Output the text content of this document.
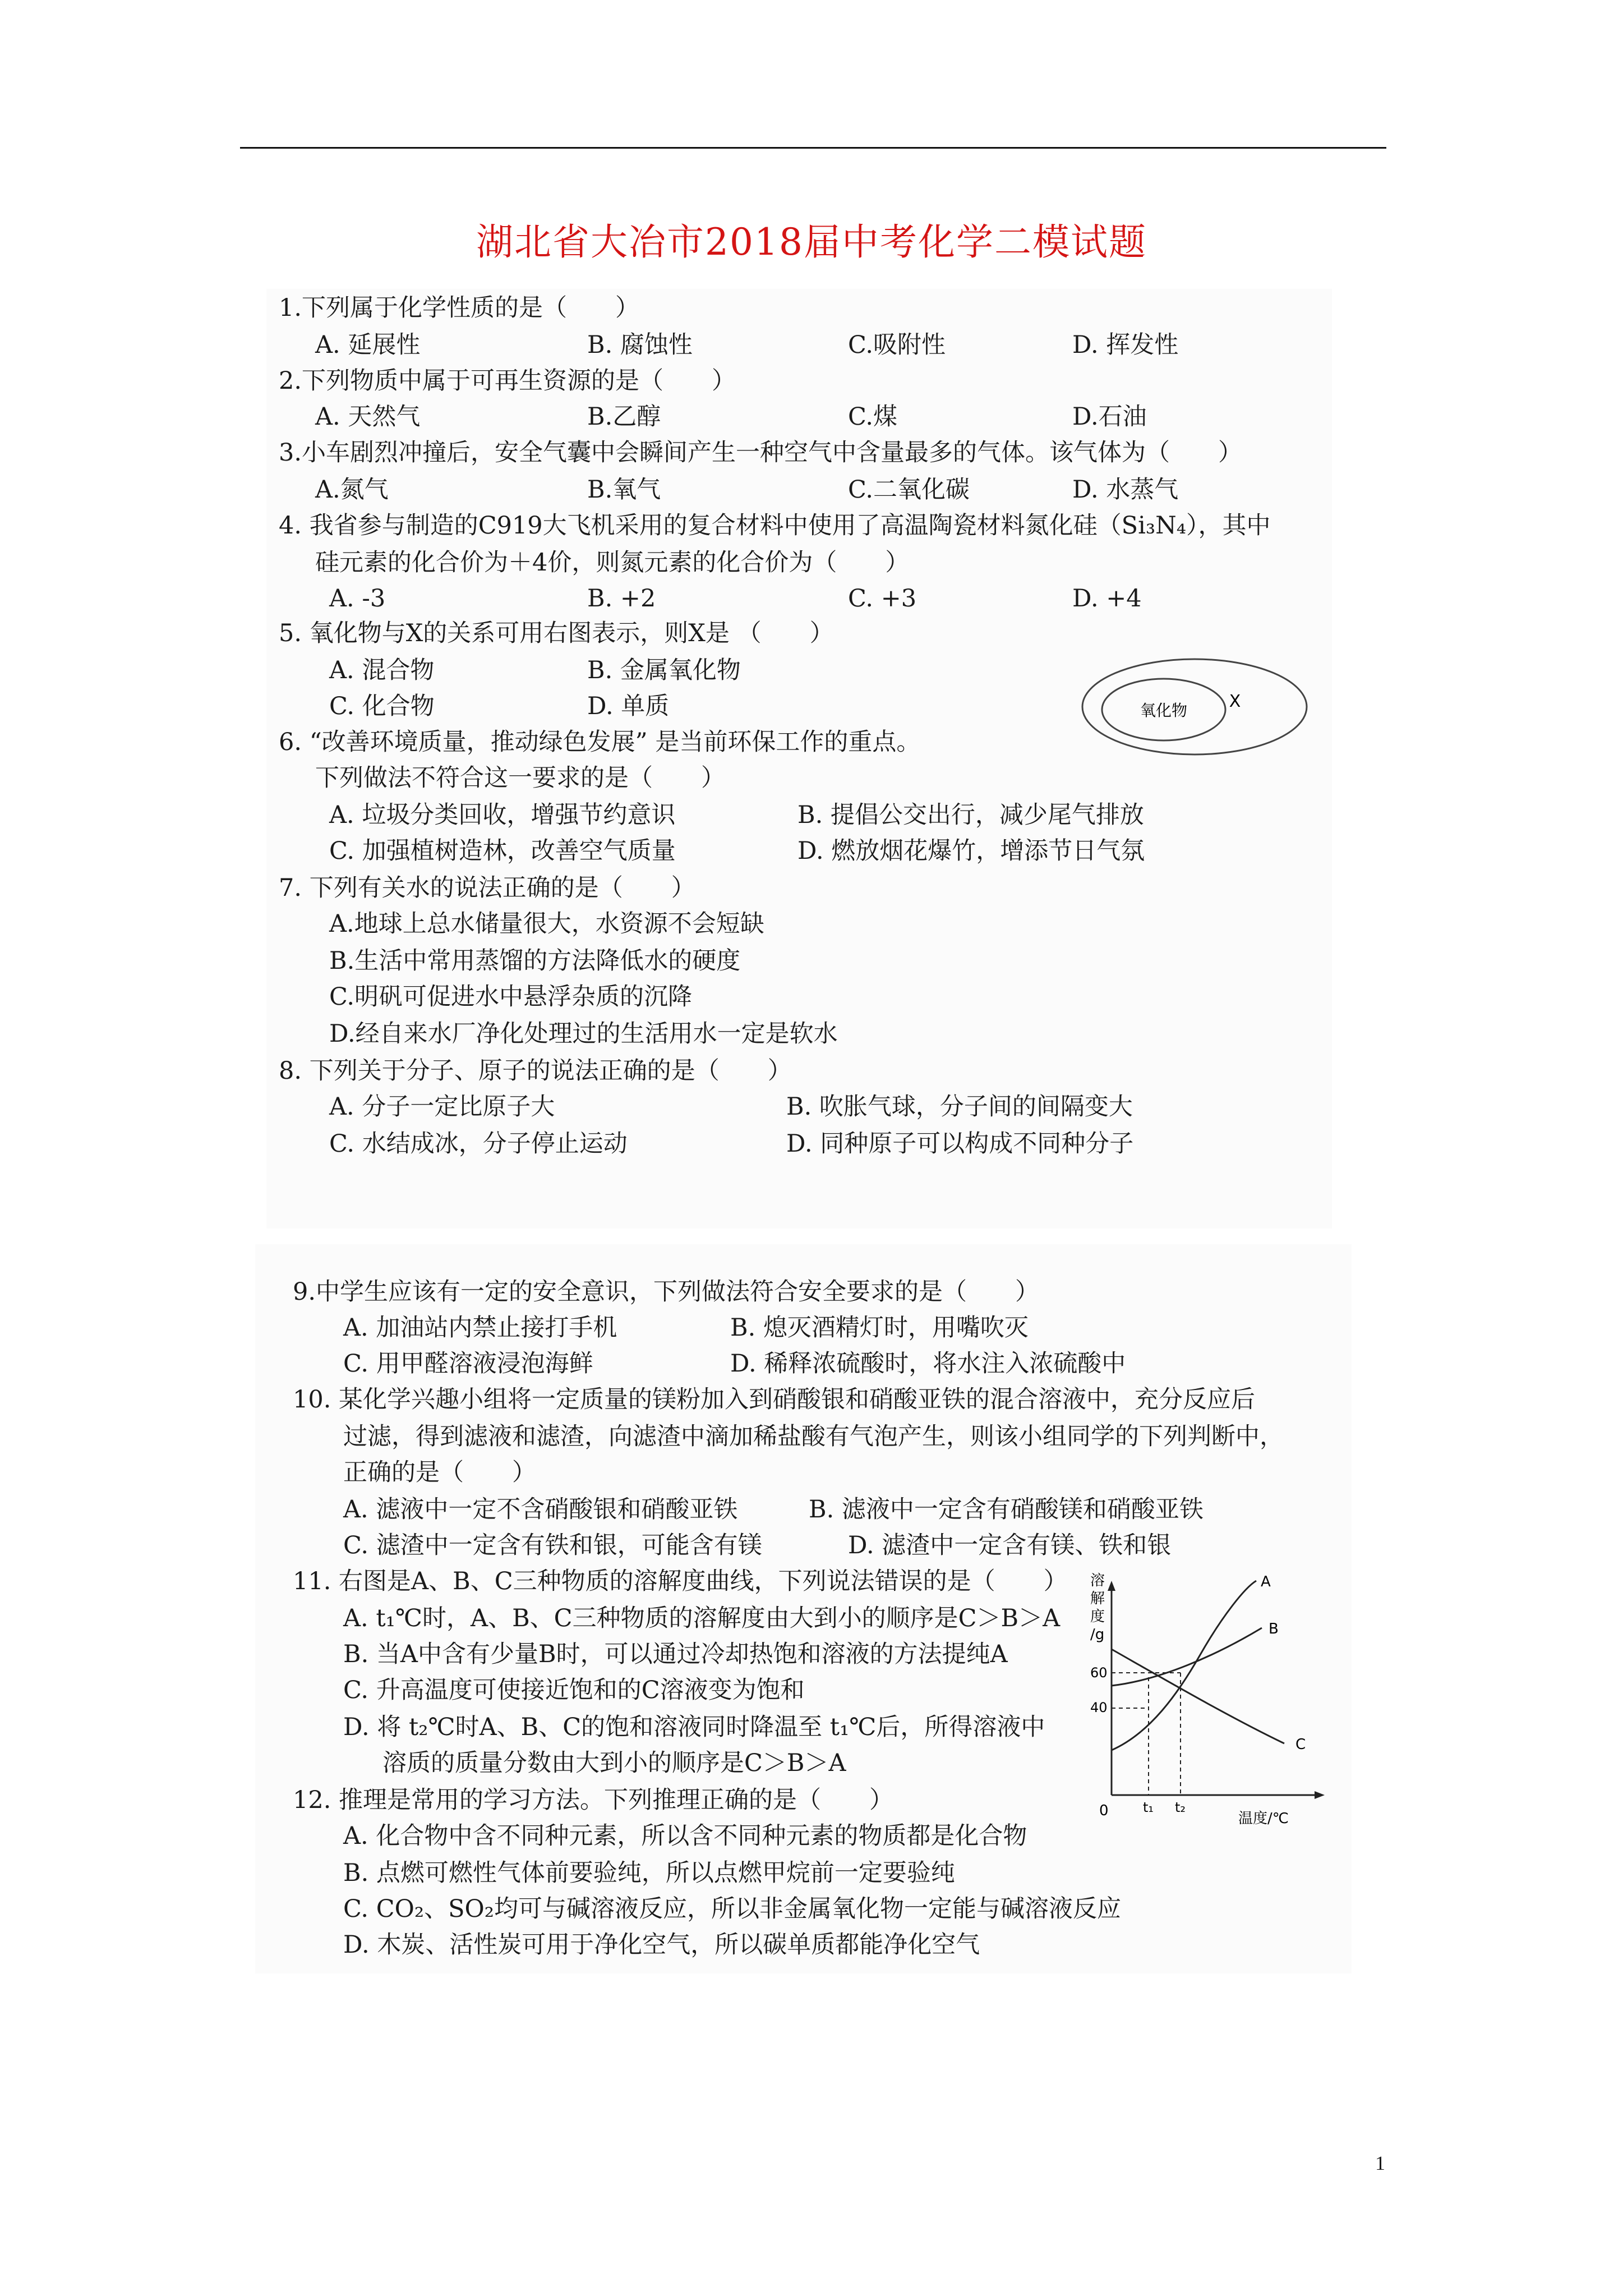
湖北省大冶市2018届中考化学二模试题
1.下列属于化学性质的是（　　）
A. 延展性	B. 腐蚀性	C.吸附性	D. 挥发性
2.下列物质中属于可再生资源的是（　　）
A. 天然气	B.乙醇	C.煤	D.石油
3.小车剧烈冲撞后，安全气囊中会瞬间产生一种空气中含量最多的气体。该气体为（　　）
A.氮气	B.氧气	C.二氧化碳	D. 水蒸气
4. 我省参与制造的C919大飞机采用的复合材料中使用了高温陶瓷材料氮化硅（Si₃N₄），其中
硅元素的化合价为＋4价，则氮元素的化合价为（　　）
A. -3	B. +2	C. +3	D. +4
5. 氧化物与X的关系可用右图表示，则X是 （　　）
A. 混合物	B. 金属氧化物
C. 化合物	D. 单质	氧化物 X
6. “改善环境质量，推动绿色发展” 是当前环保工作的重点。
下列做法不符合这一要求的是（　　）
A. 垃圾分类回收，增强节约意识	B. 提倡公交出行，减少尾气排放
C. 加强植树造林，改善空气质量	D. 燃放烟花爆竹，增添节日气氛
7. 下列有关水的说法正确的是（　　）
A.地球上总水储量很大，水资源不会短缺
B.生活中常用蒸馏的方法降低水的硬度
C.明矾可促进水中悬浮杂质的沉降
D.经自来水厂净化处理过的生活用水一定是软水
8. 下列关于分子、原子的说法正确的是（　　）
A. 分子一定比原子大	B. 吹胀气球，分子间的间隔变大
C. 水结成冰，分子停止运动	D. 同种原子可以构成不同种分子
9.中学生应该有一定的安全意识，下列做法符合安全要求的是（　　）
A. 加油站内禁止接打手机	B. 熄灭酒精灯时，用嘴吹灭
C. 用甲醛溶液浸泡海鲜	D. 稀释浓硫酸时，将水注入浓硫酸中
10. 某化学兴趣小组将一定质量的镁粉加入到硝酸银和硝酸亚铁的混合溶液中，充分反应后
过滤，得到滤液和滤渣，向滤渣中滴加稀盐酸有气泡产生，则该小组同学的下列判断中，
正确的是（　　）
A. 滤液中一定不含硝酸银和硝酸亚铁	B. 滤液中一定含有硝酸镁和硝酸亚铁
C. 滤渣中一定含有铁和银，可能含有镁	D. 滤渣中一定含有镁、铁和银
11. 右图是A、B、C三种物质的溶解度曲线，下列说法错误的是（　　）
A. t₁℃时，A、B、C三种物质的溶解度由大到小的顺序是C＞B＞A
B. 当A中含有少量B时，可以通过冷却热饱和溶液的方法提纯A
C. 升高温度可使接近饱和的C溶液变为饱和
D. 将 t₂℃时A、B、C的饱和溶液同时降温至 t₁℃后，所得溶液中
溶质的质量分数由大到小的顺序是C＞B＞A
溶
解
度
/g
0
60
40
t₁ t₂
温度/℃
A
B
C
12. 推理是常用的学习方法。下列推理正确的是（　　）
A. 化合物中含不同种元素，所以含不同种元素的物质都是化合物
B. 点燃可燃性气体前要验纯，所以点燃甲烷前一定要验纯
C. CO₂、SO₂均可与碱溶液反应，所以非金属氧化物一定能与碱溶液反应
D. 木炭、活性炭可用于净化空气，所以碳单质都能净化空气
1
